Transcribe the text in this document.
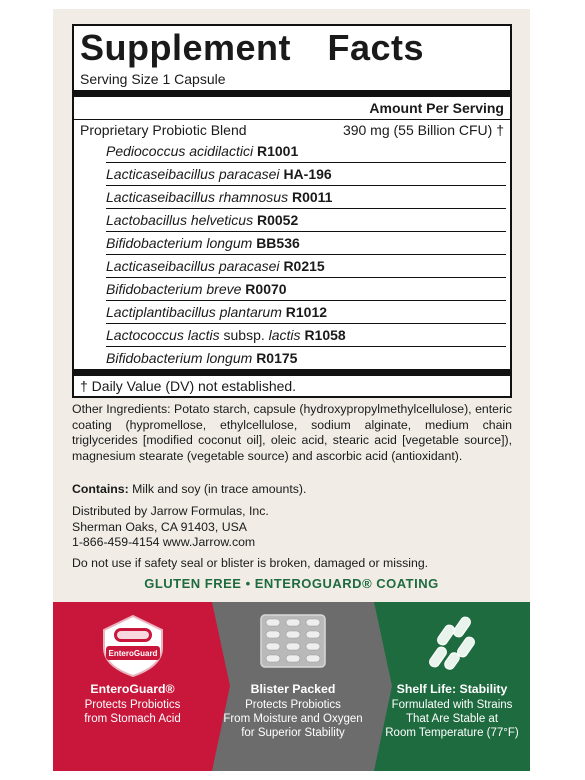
Supplement Facts
Serving Size 1 Capsule
Amount Per Serving
Proprietary Probiotic Blend	390 mg (55 Billion CFU) †
Pediococcus acidilactici R1001
Lacticaseibacillus paracasei HA-196
Lacticaseibacillus rhamnosus R0011
Lactobacillus helveticus R0052
Bifidobacterium longum BB536
Lacticaseibacillus paracasei R0215
Bifidobacterium breve R0070
Lactiplantibacillus plantarum R1012
Lactococcus lactis subsp. lactis R1058
Bifidobacterium longum R0175
† Daily Value (DV) not established.
Other Ingredients: Potato starch, capsule (hydroxypropylmethylcellulose), enteric coating (hypromellose, ethylcellulose, sodium alginate, medium chain triglycerides [modified coconut oil], oleic acid, stearic acid [vegetable source]), magnesium stearate (vegetable source) and ascorbic acid (antioxidant).
Contains: Milk and soy (in trace amounts).
Distributed by Jarrow Formulas, Inc.
Sherman Oaks, CA 91403, USA
1-866-459-4154 www.Jarrow.com
Do not use if safety seal or blister is broken, damaged or missing.
GLUTEN FREE • ENTEROGUARD® COATING
EnteroGuard
EnteroGuard®
Protects Probiotics
from Stomach Acid
Blister Packed
Protects Probiotics
From Moisture and Oxygen
for Superior Stability
Shelf Life: Stability
Formulated with Strains
That Are Stable at
Room Temperature (77°F)
